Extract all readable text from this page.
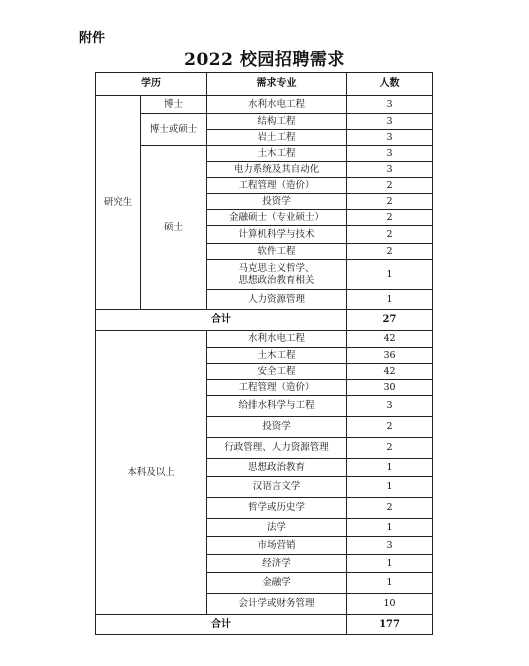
附件
2022 校园招聘需求
学历		需求专业	人数
研究生	博士	水利水电工程	3
	博士或硕士	结构工程	3
		岩土工程	3
	硕士	土木工程	3
		电力系统及其自动化	3
		工程管理（造价）	2
		投资学	2
		金融硕士（专业硕士）	2
		计算机科学与技术	2
		软件工程	2
		马克思主义哲学、
思想政治教育相关	1
		人力资源管理	1
合计			27
本科及以上		水利水电工程	42
		土木工程	36
		安全工程	42
		工程管理（造价）	30
		给排水科学与工程	3
		投资学	2
		行政管理、人力资源管理	2
		思想政治教育	1
		汉语言文学	1
		哲学或历史学	2
		法学	1
		市场营销	3
		经济学	1
		金融学	1
		会计学或财务管理	10
合计			177
